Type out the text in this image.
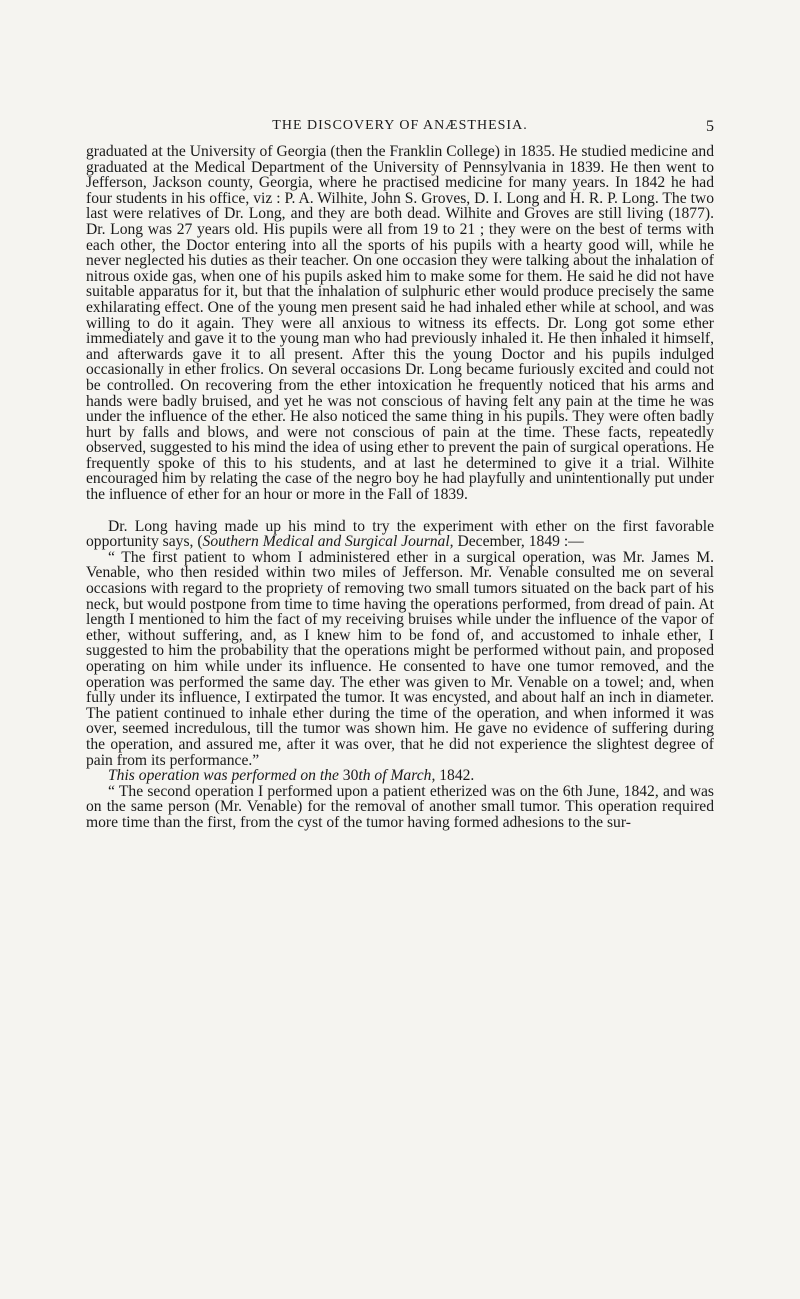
THE DISCOVERY OF ANÆSTHESIA.	5

graduated at the University of Georgia (then the Franklin College) in 1835. He studied medicine and graduated at the Medical Department of the University of Pennsylvania in 1839. He then went to Jefferson, Jackson county, Georgia, where he practised medicine for many years. In 1842 he had four students in his office, viz : P. A. Wilhite, John S. Groves, D. I. Long and H. R. P. Long. The two last were relatives of Dr. Long, and they are both dead. Wilhite and Groves are still living (1877). Dr. Long was 27 years old. His pupils were all from 19 to 21 ; they were on the best of terms with each other, the Doctor entering into all the sports of his pupils with a hearty good will, while he never neglected his duties as their teacher. On one occasion they were talking about the inhalation of nitrous oxide gas, when one of his pupils asked him to make some for them. He said he did not have suitable apparatus for it, but that the inhalation of sulphuric ether would produce precisely the same exhilarating effect. One of the young men present said he had inhaled ether while at school, and was willing to do it again. They were all anxious to witness its effects. Dr. Long got some ether immediately and gave it to the young man who had previously inhaled it. He then inhaled it himself, and afterwards gave it to all present. After this the young Doctor and his pupils indulged occasionally in ether frolics. On several occasions Dr. Long became furiously excited and could not be controlled. On recovering from the ether intoxication he frequently noticed that his arms and hands were badly bruised, and yet he was not conscious of having felt any pain at the time he was under the influence of the ether. He also noticed the same thing in his pupils. They were often badly hurt by falls and blows, and were not conscious of pain at the time. These facts, repeatedly observed, suggested to his mind the idea of using ether to prevent the pain of surgical operations. He frequently spoke of this to his students, and at last he determined to give it a trial. Wilhite encouraged him by relating the case of the negro boy he had playfully and unintentionally put under the influence of ether for an hour or more in the Fall of 1839.

Dr. Long having made up his mind to try the experiment with ether on the first favorable opportunity says, (Southern Medical and Surgical Journal, December, 1849 :—

“ The first patient to whom I administered ether in a surgical operation, was Mr. James M. Venable, who then resided within two miles of Jefferson. Mr. Venable consulted me on several occasions with regard to the propriety of removing two small tumors situated on the back part of his neck, but would postpone from time to time having the operations performed, from dread of pain. At length I mentioned to him the fact of my receiving bruises while under the influence of the vapor of ether, without suffering, and, as I knew him to be fond of, and accustomed to inhale ether, I suggested to him the probability that the operations might be performed without pain, and proposed operating on him while under its influence. He consented to have one tumor removed, and the operation was performed the same day. The ether was given to Mr. Venable on a towel; and, when fully under its influence, I extirpated the tumor. It was encysted, and about half an inch in diameter. The patient continued to inhale ether during the time of the operation, and when informed it was over, seemed incredulous, till the tumor was shown him. He gave no evidence of suffering during the operation, and assured me, after it was over, that he did not experience the slightest degree of pain from its performance.”

This operation was performed on the 30th of March, 1842.

“ The second operation I performed upon a patient etherized was on the 6th June, 1842, and was on the same person (Mr. Venable) for the removal of another small tumor. This operation required more time than the first, from the cyst of the tumor having formed adhesions to the sur-
